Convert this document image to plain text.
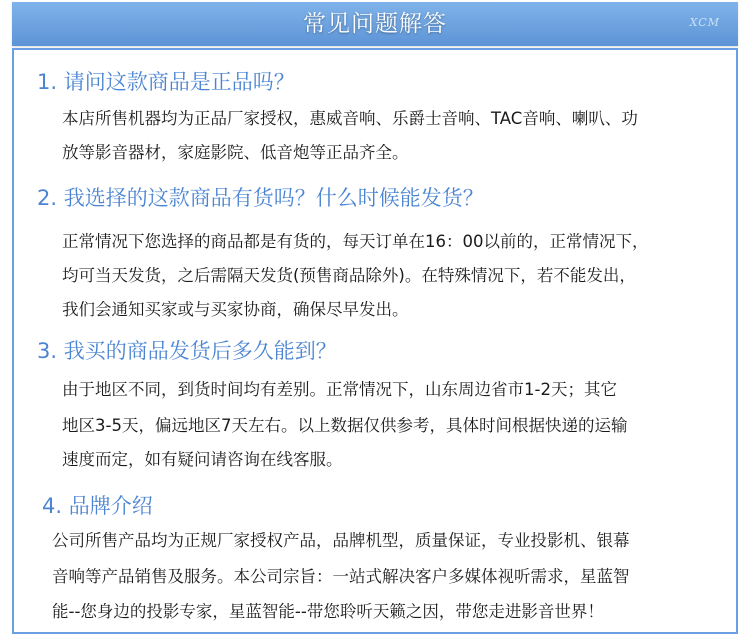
常见问题解答	XCM
1. 请问这款商品是正品吗？
本店所售机器均为正品厂家授权，惠威音响、乐爵士音响、TAC音响、喇叭、功
放等影音器材，家庭影院、低音炮等正品齐全。
2. 我选择的这款商品有货吗？什么时候能发货？
正常情况下您选择的商品都是有货的，每天订单在16：00以前的，正常情况下，
均可当天发货，之后需隔天发货(预售商品除外)。在特殊情况下，若不能发出，
我们会通知买家或与买家协商，确保尽早发出。
3. 我买的商品发货后多久能到？
由于地区不同，到货时间均有差别。正常情况下，山东周边省市1-2天；其它
地区3-5天，偏远地区7天左右。以上数据仅供参考，具体时间根据快递的运输
速度而定，如有疑问请咨询在线客服。
4. 品牌介绍
公司所售产品均为正规厂家授权产品，品牌机型，质量保证，专业投影机、银幕
音响等产品销售及服务。本公司宗旨：一站式解决客户多媒体视听需求，星蓝智
能--您身边的投影专家，星蓝智能--带您聆听天籁之因，带您走进影音世界！
